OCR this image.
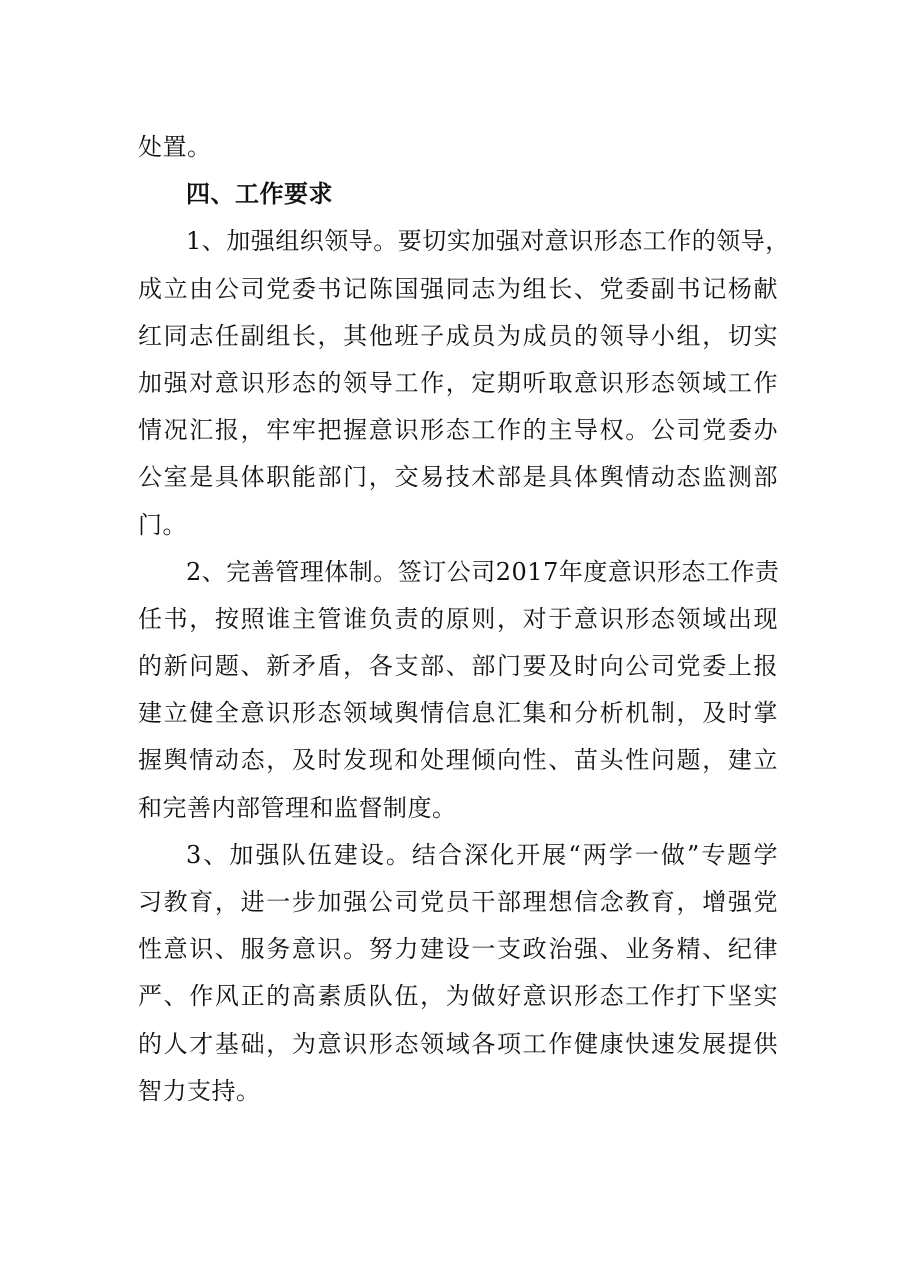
处置。
四、工作要求
1、加强组织领导。要切实加强对意识形态工作的领导，
成立由公司党委书记陈国强同志为组长、党委副书记杨献
红同志任副组长，其他班子成员为成员的领导小组，切实
加强对意识形态的领导工作，定期听取意识形态领域工作
情况汇报，牢牢把握意识形态工作的主导权。公司党委办
公室是具体职能部门，交易技术部是具体舆情动态监测部
门。
2、完善管理体制。签订公司2017年度意识形态工作责
任书，按照谁主管谁负责的原则，对于意识形态领域出现
的新问题、新矛盾，各支部、部门要及时向公司党委上报
建立健全意识形态领域舆情信息汇集和分析机制，及时掌
握舆情动态，及时发现和处理倾向性、苗头性问题，建立
和完善内部管理和监督制度。
3、加强队伍建设。结合深化开展“两学一做”专题学
习教育，进一步加强公司党员干部理想信念教育，增强党
性意识、服务意识。努力建设一支政治强、业务精、纪律
严、作风正的高素质队伍，为做好意识形态工作打下坚实
的人才基础，为意识形态领域各项工作健康快速发展提供
智力支持。
